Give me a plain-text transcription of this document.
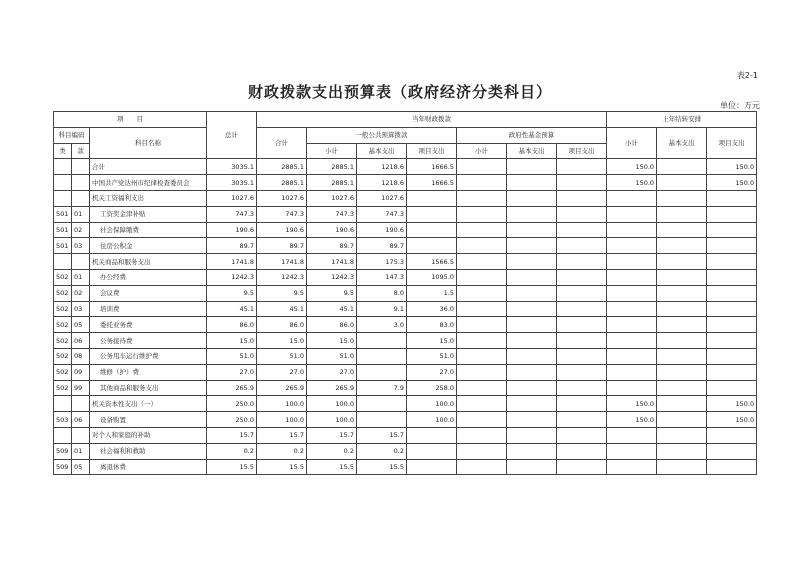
表2-1
财政拨款支出预算表（政府经济分类科目）
单位：万元
项　　目			总计	当年财政拨款							上年结转安排		
科目编码		科目名称		合计	一般公共预算拨款			政府性基金预算			小计	基本支出	项目支出
类	款				小计	基本支出	项目支出	小计	基本支出	项目支出			
		合计	3035.1	2885.1	2885.1	1218.6	1666.5				150.0		150.0
		中国共产党达州市纪律检查委员会	3035.1	2885.1	2885.1	1218.6	1666.5				150.0		150.0
		机关工资福利支出	1027.6	1027.6	1027.6	1027.6							
501	01	工资奖金津补贴	747.3	747.3	747.3	747.3							
501	02	社会保障缴费	190.6	190.6	190.6	190.6							
501	03	住房公积金	89.7	89.7	89.7	89.7							
		机关商品和服务支出	1741.8	1741.8	1741.8	175.3	1566.5						
502	01	办公经费	1242.3	1242.3	1242.3	147.3	1095.0						
502	02	会议费	9.5	9.5	9.5	8.0	1.5						
502	03	培训费	45.1	45.1	45.1	9.1	36.0						
502	05	委托业务费	86.0	86.0	86.0	3.0	83.0						
502	06	公务接待费	15.0	15.0	15.0		15.0						
502	08	公务用车运行维护费	51.0	51.0	51.0		51.0						
502	09	维修（护）费	27.0	27.0	27.0		27.0						
502	99	其他商品和服务支出	265.9	265.9	265.9	7.9	258.0						
		机关资本性支出（一）	250.0	100.0	100.0		100.0				150.0		150.0
503	06	设备购置	250.0	100.0	100.0		100.0				150.0		150.0
		对个人和家庭的补助	15.7	15.7	15.7	15.7							
509	01	社会福利和救助	0.2	0.2	0.2	0.2							
509	05	离退休费	15.5	15.5	15.5	15.5							
